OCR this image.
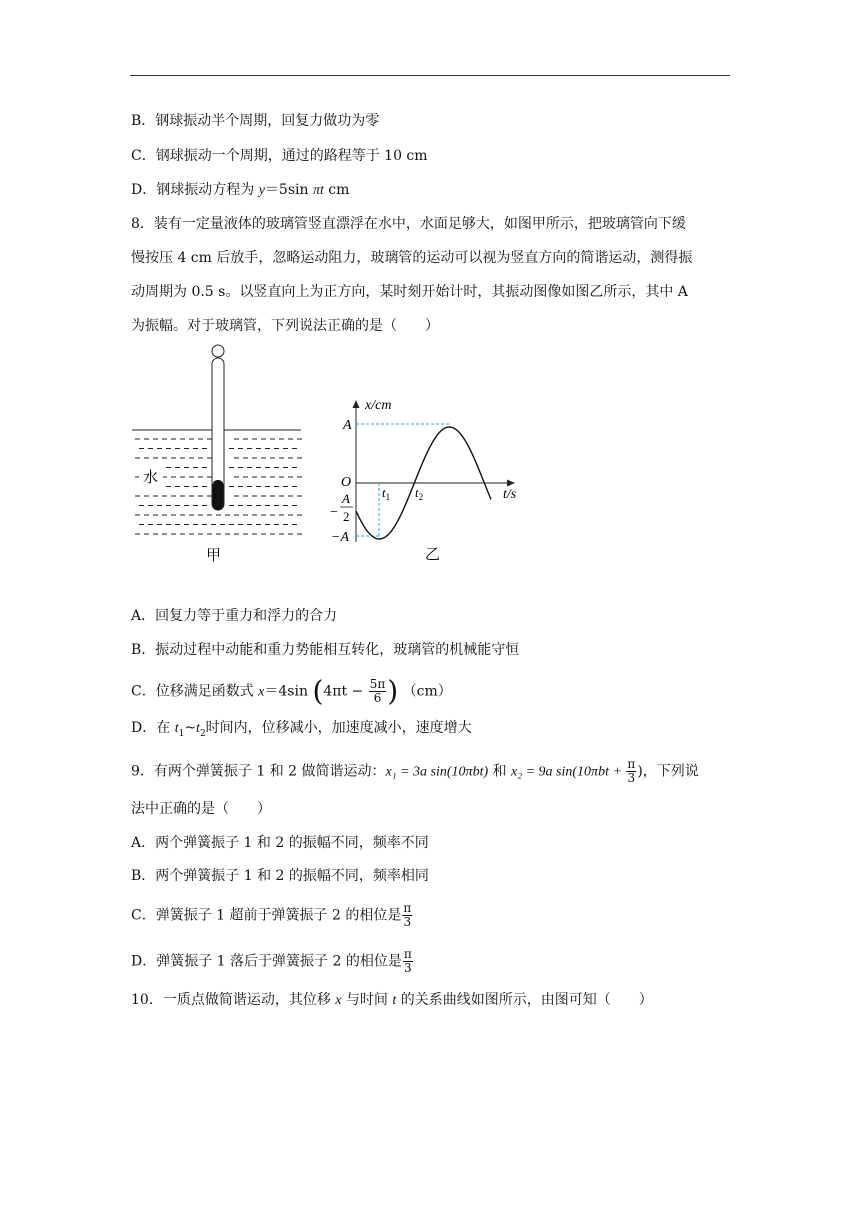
B．钢球振动半个周期，回复力做功为零
C．钢球振动一个周期，通过的路程等于 10 cm
D．钢球振动方程为 y＝5sin πt cm
8．装有一定量液体的玻璃管竖直漂浮在水中，水面足够大，如图甲所示，把玻璃管向下缓
慢按压 4 cm 后放手，忽略运动阻力，玻璃管的运动可以视为竖直方向的简谐运动，测得振
动周期为 0.5 s。以竖直向上为正方向，某时刻开始计时，其振动图像如图乙所示，其中 A
为振幅。对于玻璃管，下列说法正确的是（　　）
水
甲
x/cm
t/s
O
A
−
A
2
−A
$t_1$ $t_2$
乙
A．回复力等于重力和浮力的合力
B．振动过程中动能和重力势能相互转化，玻璃管的机械能守恒
C．位移满足函数式 x＝4sin ($4\pi t - \frac{5\pi}{6}$ ) （cm）
D．在 $t_1\sim t_2$时间内，位移减小，加速度减小，速度增大
9．有两个弹簧振子 1 和 2 做简谐运动：x₁ = 3a sin(10πbt) 和 x₂ = 9a $\sin(10\pi bt + \frac{\pi}{3}$ )，下列说
法中正确的是（　　）
A．两个弹簧振子 1 和 2 的振幅不同，频率不同
B．两个弹簧振子 1 和 2 的振幅不同，频率相同
C．弹簧振子 1 超前于弹簧振子 2 的相位是 $\frac{\pi}{3}$
D．弹簧振子 1 落后于弹簧振子 2 的相位是 $\frac{\pi}{3}$
10．一质点做简谐运动，其位移 x 与时间 t 的关系曲线如图所示，由图可知（　　）
